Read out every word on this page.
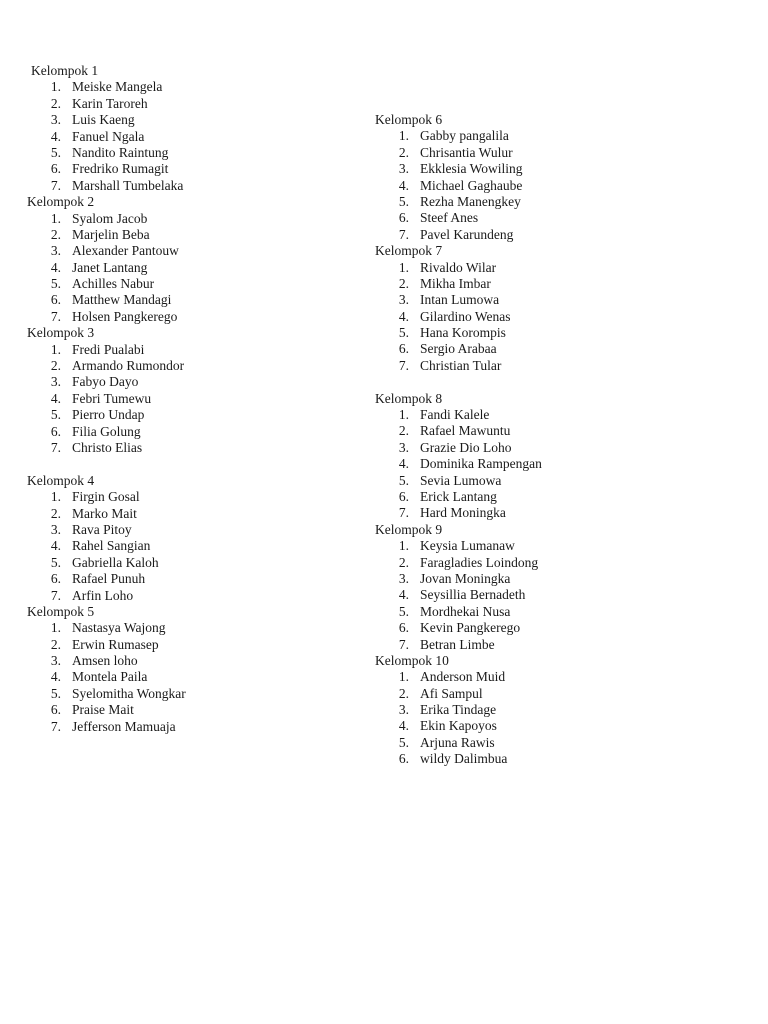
Kelompok 1
1. Meiske Mangela
2. Karin Taroreh
3. Luis Kaeng
4. Fanuel Ngala
5. Nandito Raintung
6. Fredriko Rumagit
7. Marshall Tumbelaka
Kelompok 2
1. Syalom Jacob
2. Marjelin Beba
3. Alexander Pantouw
4. Janet Lantang
5. Achilles Nabur
6. Matthew Mandagi
7. Holsen Pangkerego
Kelompok 3
1. Fredi Pualabi
2. Armando Rumondor
3. Fabyo Dayo
4. Febri Tumewu
5. Pierro Undap
6. Filia Golung
7. Christo Elias
Kelompok 4
1. Firgin Gosal
2. Marko Mait
3. Rava Pitoy
4. Rahel Sangian
5. Gabriella Kaloh
6. Rafael Punuh
7. Arfin Loho
Kelompok 5
1. Nastasya Wajong
2. Erwin Rumasep
3. Amsen loho
4. Montela Paila
5. Syelomitha Wongkar
6. Praise Mait
7. Jefferson Mamuaja
Kelompok 6
1. Gabby pangalila
2. Chrisantia Wulur
3. Ekklesia Wowiling
4. Michael Gaghaube
5. Rezha Manengkey
6. Steef Anes
7. Pavel Karundeng
Kelompok 7
1. Rivaldo Wilar
2. Mikha Imbar
3. Intan Lumowa
4. Gilardino Wenas
5. Hana Korompis
6. Sergio Arabaa
7. Christian Tular
Kelompok 8
1. Fandi Kalele
2. Rafael Mawuntu
3. Grazie Dio Loho
4. Dominika Rampengan
5. Sevia Lumowa
6. Erick Lantang
7. Hard Moningka
Kelompok 9
1. Keysia Lumanaw
2. Faragladies Loindong
3. Jovan Moningka
4. Seysillia Bernadeth
5. Mordhekai Nusa
6. Kevin Pangkerego
7. Betran Limbe
Kelompok 10
1. Anderson Muid
2. Afi Sampul
3. Erika Tindage
4. Ekin Kapoyos
5. Arjuna Rawis
6. wildy Dalimbua
